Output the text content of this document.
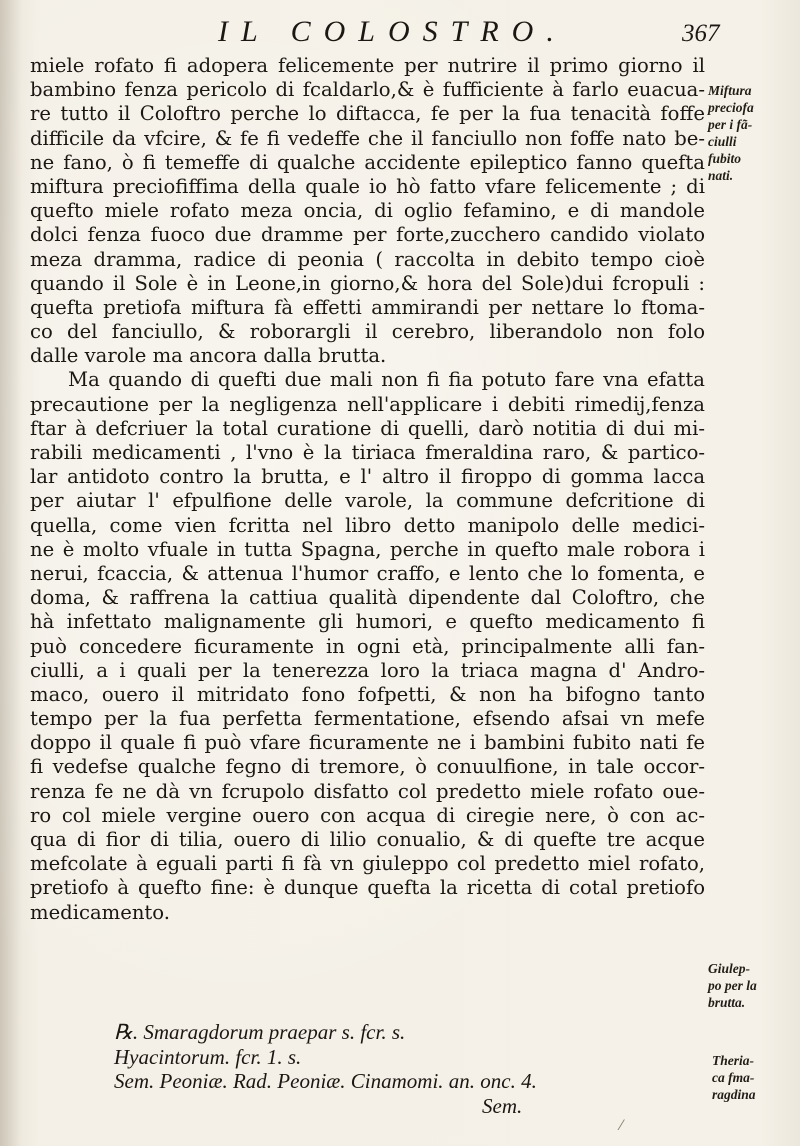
IL COLOSTRO.	367
miele rofato fi adopera felicemente per nutrire il primo giorno il
bambino fenza pericolo di fcaldarlo,& è fufficiente à farlo euacua-
re tutto il Coloftro perche lo diftacca, fe per la fua tenacità foffe
difficile da vfcire, & fe fi vedeffe che il fanciullo non foffe nato be-
ne fano, ò fi temeffe di qualche accidente epileptico fanno quefta
miftura preciofiffima della quale io hò fatto vfare felicemente ; di
quefto miele rofato meza oncia, di oglio fefamino, e di mandole
dolci fenza fuoco due dramme per forte,zucchero candido violato
meza dramma, radice di peonia ( raccolta in debito tempo cioè
quando il Sole è in Leone,in giorno,& hora del Sole)dui fcropuli :
quefta pretiofa miftura fà effetti ammirandi per nettare lo ftoma-
co del fanciullo, & roborargli il cerebro, liberandolo non folo
dalle varole ma ancora dalla brutta.
Ma quando di quefti due mali non fi fia potuto fare vna efatta
precautione per la negligenza nell'applicare i debiti rimedij,fenza
ftar à defcriuer la total curatione di quelli, darò notitia di dui mi-
rabili medicamenti , l'vno è la tiriaca fmeraldina raro, & partico-
lar antidoto contro la brutta, e l' altro il firoppo di gomma lacca
per aiutar l' efpulfione delle varole, la commune defcritione di
quella, come vien fcritta nel libro detto manipolo delle medici-
ne è molto vfuale in tutta Spagna, perche in quefto male robora i
nerui, fcaccia, & attenua l'humor craffo, e lento che lo fomenta, e
doma, & raffrena la cattiua qualità dipendente dal Coloftro, che
hà infettato malignamente gli humori, e quefto medicamento fi
può concedere ficuramente in ogni età, principalmente alli fan-
ciulli, a i quali per la tenerezza loro la triaca magna d' Andro-
maco, ouero il mitridato fono fofpetti, & non ha bifogno tanto
tempo per la fua perfetta fermentatione, efsendo afsai vn mefe
doppo il quale fi può vfare ficuramente ne i bambini fubito nati fe
fi vedefse qualche fegno di tremore, ò conuulfione, in tale occor-
renza fe ne dà vn fcrupolo disfatto col predetto miele rofato oue-
ro col miele vergine ouero con acqua di ciregie nere, ò con ac-
qua di fior di tilia, ouero di lilio conualio, & di quefte tre acque
mefcolate à eguali parti fi fà vn giuleppo col predetto miel rofato,
pretiofo à quefto fine: è dunque quefta la ricetta di cotal pretiofo
medicamento.
℞. Smaragdorum praepar s. fcr. s.
Hyacintorum. fcr. 1. s.
Sem. Peoniæ. Rad. Peoniæ. Cinamomi. an. onc. 4.
Sem.
Miftura
preciofa
per i fã-
ciulli
fubito
nati.
Giulep-
po per la
brutta.
Theria-
ca fma-
ragdina
⁄
